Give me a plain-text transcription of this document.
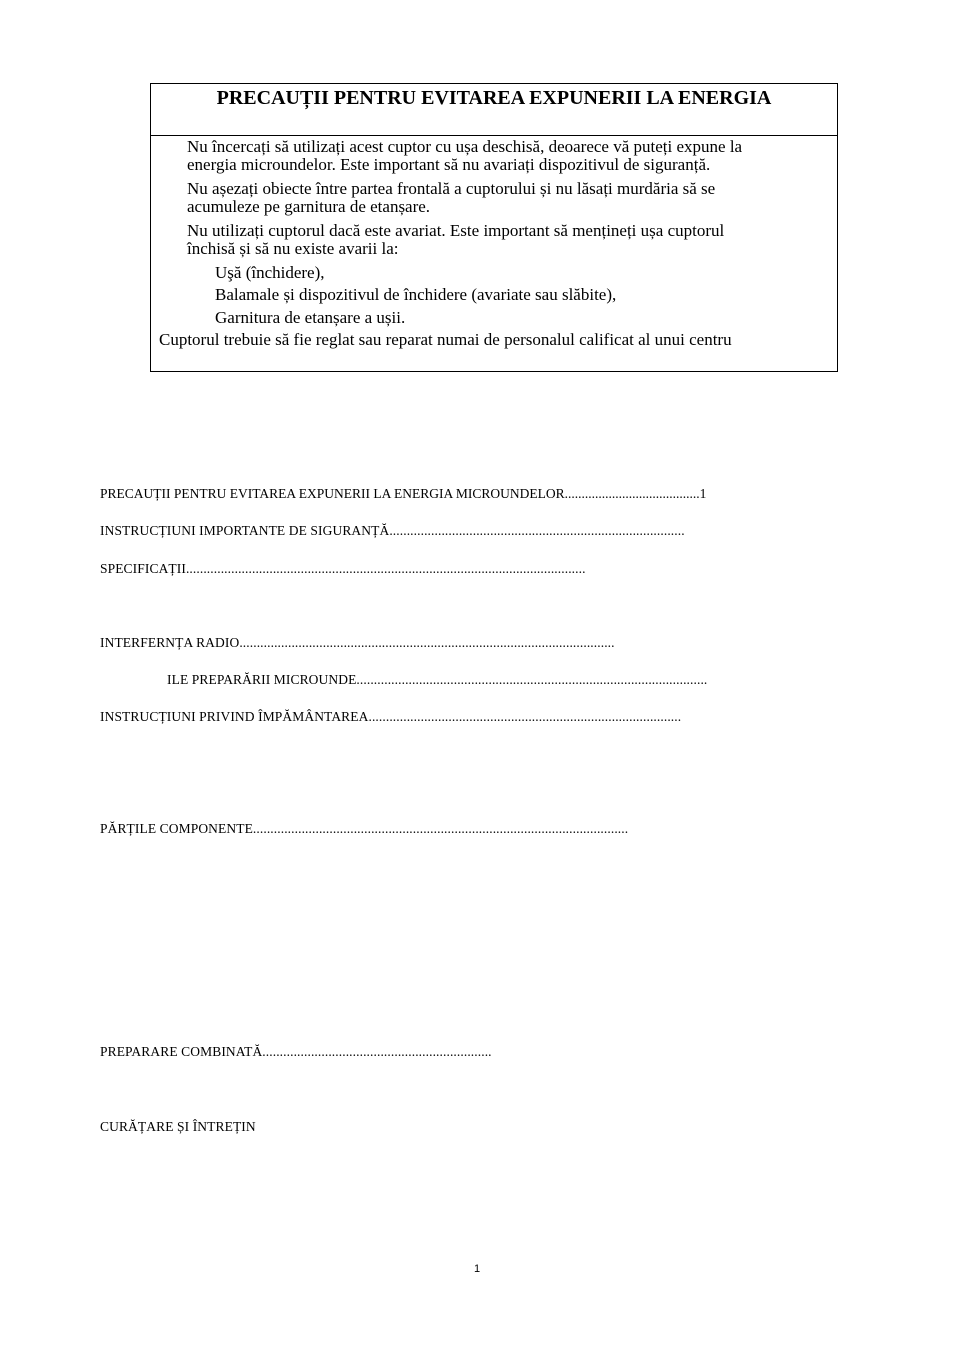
PRECAUȚII PENTRU EVITAREA EXPUNERII LA ENERGIA
Nu încercați să utilizați acest cuptor cu ușa deschisă, deoarece vă puteți expune la
energia microundelor. Este important să nu avariați dispozitivul de siguranță.
Nu așezați obiecte între partea frontală a cuptorului și nu lăsați murdăria să se
acumuleze pe garnitura de etanșare.
Nu utilizați cuptorul dacă este avariat. Este important să mențineți ușa cuptorul
închisă și să nu existe avarii la:
Uşă (închidere),
Balamale și dispozitivul de închidere (avariate sau slăbite),
Garnitura de etanșare a ușii.
Cuptorul trebuie să fie reglat sau reparat numai de personalul calificat al unui centru
PRECAUȚII PENTRU EVITAREA EXPUNERII LA ENERGIA MICROUNDELOR........................................1
INSTRUCȚIUNI IMPORTANTE DE SIGURANȚĂ.....................................................................................
SPECIFICAȚII...................................................................................................................
INTERFERNȚA RADIO............................................................................................................
ILE PREPARĂRII MICROUNDE.....................................................................................................
INSTRUCȚIUNI PRIVIND ÎMPĂMÂNTAREA..........................................................................................
PĂRȚILE COMPONENTE............................................................................................................
PREPARARE COMBINATĂ..................................................................
CURĂȚARE ȘI ÎNTREȚIN
1
